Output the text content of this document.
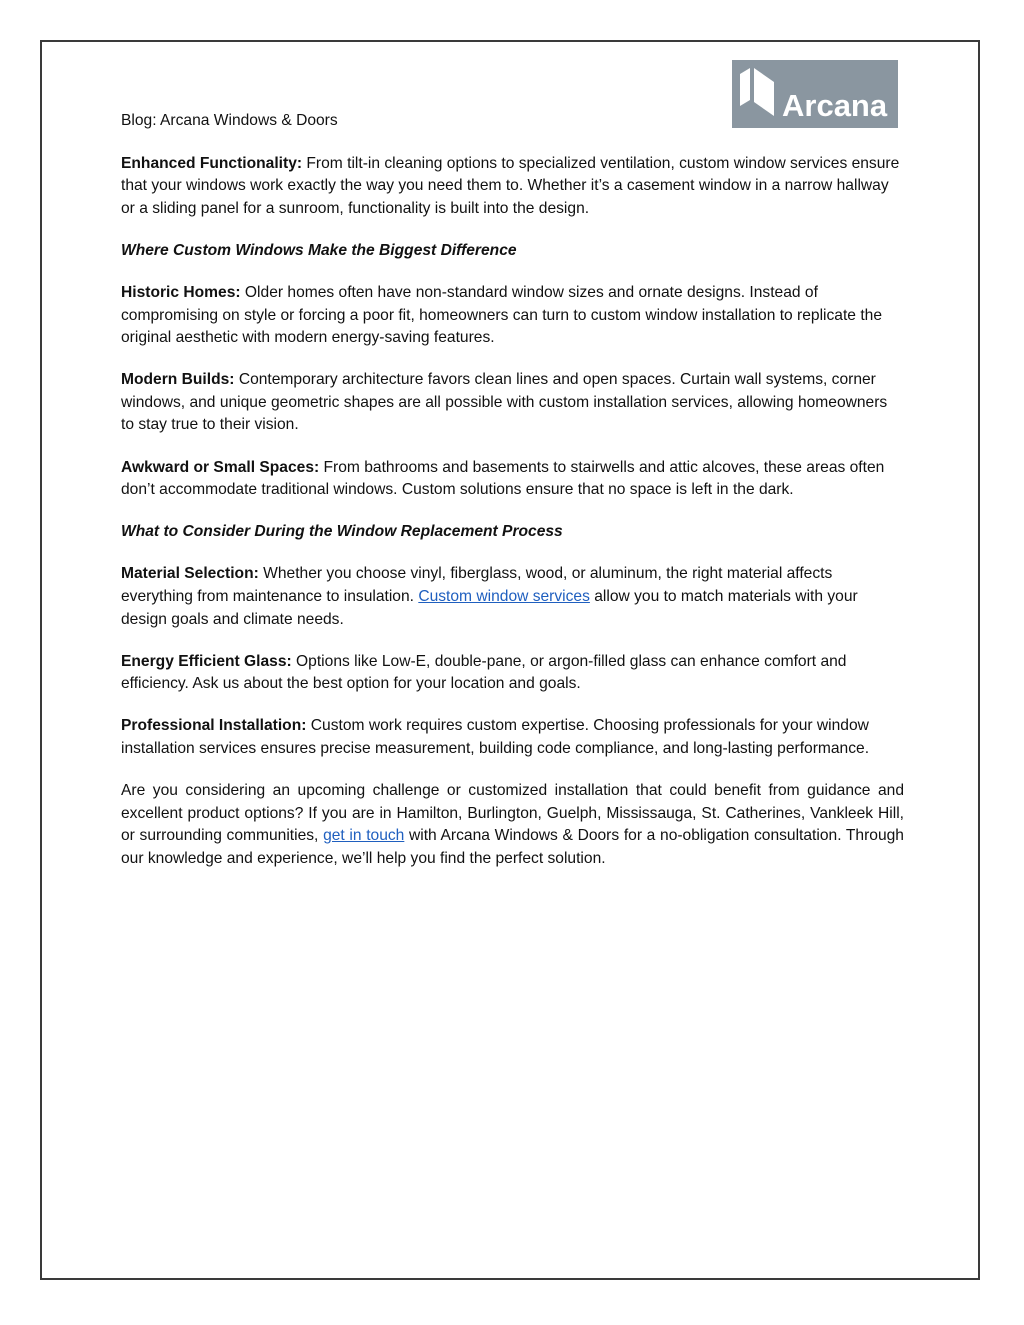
Arcana
Blog: Arcana Windows & Doors

Enhanced Functionality: From tilt-in cleaning options to specialized ventilation, custom window services ensure that your windows work exactly the way you need them to. Whether it’s a casement window in a narrow hallway or a sliding panel for a sunroom, functionality is built into the design.

Where Custom Windows Make the Biggest Difference

Historic Homes: Older homes often have non-standard window sizes and ornate designs. Instead of compromising on style or forcing a poor fit, homeowners can turn to custom window installation to replicate the original aesthetic with modern energy-saving features.

Modern Builds: Contemporary architecture favors clean lines and open spaces. Curtain wall systems, corner windows, and unique geometric shapes are all possible with custom installation services, allowing homeowners to stay true to their vision.

Awkward or Small Spaces: From bathrooms and basements to stairwells and attic alcoves, these areas often don’t accommodate traditional windows. Custom solutions ensure that no space is left in the dark.

What to Consider During the Window Replacement Process

Material Selection: Whether you choose vinyl, fiberglass, wood, or aluminum, the right material affects everything from maintenance to insulation. Custom window services allow you to match materials with your design goals and climate needs.

Energy Efficient Glass: Options like Low-E, double-pane, or argon-filled glass can enhance comfort and efficiency. Ask us about the best option for your location and goals.

Professional Installation: Custom work requires custom expertise. Choosing professionals for your window installation services ensures precise measurement, building code compliance, and long-lasting performance.

Are you considering an upcoming challenge or customized installation that could benefit from guidance and excellent product options? If you are in Hamilton, Burlington, Guelph, Mississauga, St. Catherines, Vankleek Hill, or surrounding communities, get in touch with Arcana Windows & Doors for a no-obligation consultation. Through our knowledge and experience, we’ll help you find the perfect solution.
